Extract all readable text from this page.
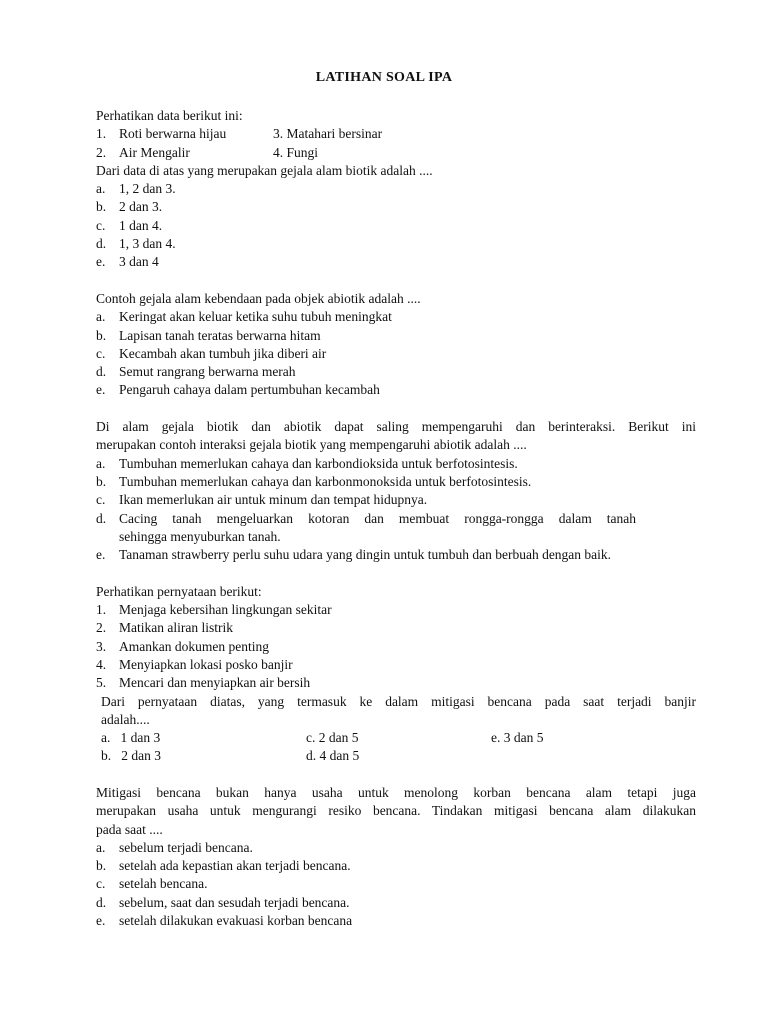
LATIHAN SOAL IPA
Perhatikan data berikut ini:
1. Roti berwarna hijau	3. Matahari bersinar
2. Air Mengalir	4. Fungi
Dari data di atas yang merupakan gejala alam biotik adalah ....
a. 1, 2 dan 3.
b. 2 dan 3.
c. 1 dan 4.
d. 1, 3 dan 4.
e. 3 dan 4
Contoh gejala alam kebendaan pada objek abiotik adalah ....
a. Keringat akan keluar ketika suhu tubuh meningkat
b. Lapisan tanah teratas berwarna hitam
c. Kecambah akan tumbuh jika diberi air
d. Semut rangrang berwarna merah
e. Pengaruh cahaya dalam pertumbuhan kecambah
Di alam gejala biotik dan abiotik dapat saling mempengaruhi dan berinteraksi. Berikut ini
merupakan contoh interaksi gejala biotik yang mempengaruhi abiotik adalah ....
a. Tumbuhan memerlukan cahaya dan karbondioksida untuk berfotosintesis.
b. Tumbuhan memerlukan cahaya dan karbonmonoksida untuk berfotosintesis.
c. Ikan memerlukan air untuk minum dan tempat hidupnya.
d. Cacing tanah mengeluarkan kotoran dan membuat rongga-rongga dalam tanah
sehingga menyuburkan tanah.
e. Tanaman strawberry perlu suhu udara yang dingin untuk tumbuh dan berbuah dengan baik.
Perhatikan pernyataan berikut:
1. Menjaga kebersihan lingkungan sekitar
2. Matikan aliran listrik
3. Amankan dokumen penting
4. Menyiapkan lokasi posko banjir
5. Mencari dan menyiapkan air bersih
Dari pernyataan diatas, yang termasuk ke dalam mitigasi bencana pada saat terjadi banjir
adalah....
a.   1 dan 3	c. 2 dan 5	e. 3 dan 5
b.   2 dan 3	d. 4 dan 5
Mitigasi bencana bukan hanya usaha untuk menolong korban bencana alam tetapi juga
merupakan usaha untuk mengurangi resiko bencana. Tindakan mitigasi bencana alam dilakukan
pada saat ....
a. sebelum terjadi bencana.
b. setelah ada kepastian akan terjadi bencana.
c. setelah bencana.
d. sebelum, saat dan sesudah terjadi bencana.
e. setelah dilakukan evakuasi korban bencana
